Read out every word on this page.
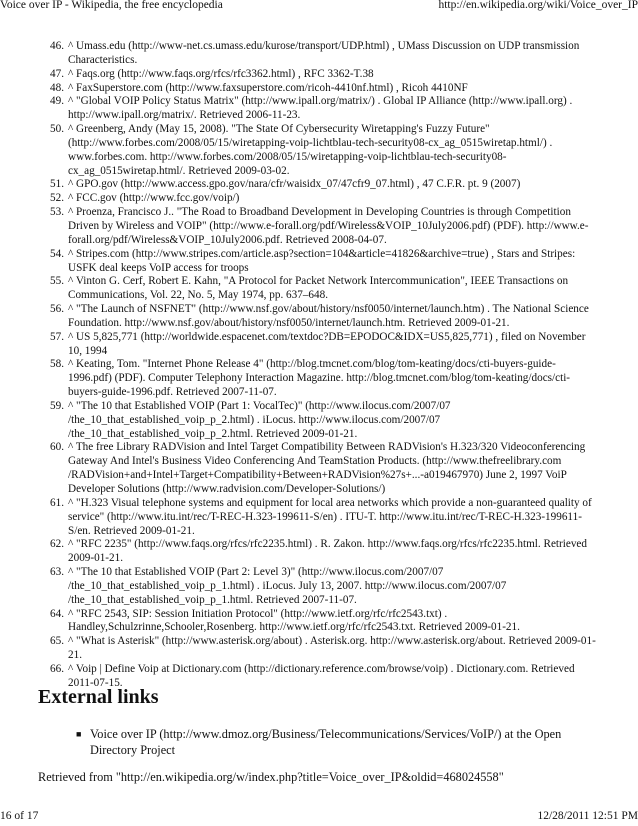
Voice over IP - Wikipedia, the free encyclopedia	http://en.wikipedia.org/wiki/Voice_over_IP
46. ^ Umass.edu (http://www-net.cs.umass.edu/kurose/transport/UDP.html) , UMass Discussion on UDP transmission Characteristics.
47. ^ Faqs.org (http://www.faqs.org/rfcs/rfc3362.html) , RFC 3362-T.38
48. ^ FaxSuperstore.com (http://www.faxsuperstore.com/ricoh-4410nf.html) , Ricoh 4410NF
49. ^ "Global VOIP Policy Status Matrix" (http://www.ipall.org/matrix/) . Global IP Alliance (http://www.ipall.org) . http://www.ipall.org/matrix/. Retrieved 2006-11-23.
50. ^ Greenberg, Andy (May 15, 2008). "The State Of Cybersecurity Wiretapping's Fuzzy Future" (http://www.forbes.com/2008/05/15/wiretapping-voip-lichtblau-tech-security08-cx_ag_0515wiretap.html/) . www.forbes.com. http://www.forbes.com/2008/05/15/wiretapping-voip-lichtblau-tech-security08-cx_ag_0515wiretap.html/. Retrieved 2009-03-02.
51. ^ GPO.gov (http://www.access.gpo.gov/nara/cfr/waisidx_07/47cfr9_07.html) , 47 C.F.R. pt. 9 (2007)
52. ^ FCC.gov (http://www.fcc.gov/voip/)
53. ^ Proenza, Francisco J.. "The Road to Broadband Development in Developing Countries is through Competition Driven by Wireless and VOIP" (http://www.e-forall.org/pdf/Wireless&VOIP_10July2006.pdf) (PDF). http://www.e-forall.org/pdf/Wireless&VOIP_10July2006.pdf. Retrieved 2008-04-07.
54. ^ Stripes.com (http://www.stripes.com/article.asp?section=104&article=41826&archive=true) , Stars and Stripes: USFK deal keeps VoIP access for troops
55. ^ Vinton G. Cerf, Robert E. Kahn, "A Protocol for Packet Network Intercommunication", IEEE Transactions on Communications, Vol. 22, No. 5, May 1974, pp. 637–648.
56. ^ "The Launch of NSFNET" (http://www.nsf.gov/about/history/nsf0050/internet/launch.htm) . The National Science Foundation. http://www.nsf.gov/about/history/nsf0050/internet/launch.htm. Retrieved 2009-01-21.
57. ^ US 5,825,771 (http://worldwide.espacenet.com/textdoc?DB=EPODOC&IDX=US5,825,771) , filed on November 10, 1994
58. ^ Keating, Tom. "Internet Phone Release 4" (http://blog.tmcnet.com/blog/tom-keating/docs/cti-buyers-guide-1996.pdf) (PDF). Computer Telephony Interaction Magazine. http://blog.tmcnet.com/blog/tom-keating/docs/cti-buyers-guide-1996.pdf. Retrieved 2007-11-07.
59. ^ "The 10 that Established VOIP (Part 1: VocalTec)" (http://www.ilocus.com/2007/07 /the_10_that_established_voip_p_2.html) . iLocus. http://www.ilocus.com/2007/07 /the_10_that_established_voip_p_2.html. Retrieved 2009-01-21.
60. ^ The free Library RADVision and Intel Target Compatibility Between RADVision's H.323/320 Videoconferencing Gateway And Intel's Business Video Conferencing And TeamStation Products. (http://www.thefreelibrary.com /RADVision+and+Intel+Target+Compatibility+Between+RADVision%27s+...-a019467970) June 2, 1997 VoiP Developer Solutions (http://www.radvision.com/Developer-Solutions/)
61. ^ "H.323 Visual telephone systems and equipment for local area networks which provide a non-guaranteed quality of service" (http://www.itu.int/rec/T-REC-H.323-199611-S/en) . ITU-T. http://www.itu.int/rec/T-REC-H.323-199611-S/en. Retrieved 2009-01-21.
62. ^ "RFC 2235" (http://www.faqs.org/rfcs/rfc2235.html) . R. Zakon. http://www.faqs.org/rfcs/rfc2235.html. Retrieved 2009-01-21.
63. ^ "The 10 that Established VOIP (Part 2: Level 3)" (http://www.ilocus.com/2007/07 /the_10_that_established_voip_p_1.html) . iLocus. July 13, 2007. http://www.ilocus.com/2007/07 /the_10_that_established_voip_p_1.html. Retrieved 2007-11-07.
64. ^ "RFC 2543, SIP: Session Initiation Protocol" (http://www.ietf.org/rfc/rfc2543.txt) . Handley,Schulzrinne,Schooler,Rosenberg. http://www.ietf.org/rfc/rfc2543.txt. Retrieved 2009-01-21.
65. ^ "What is Asterisk" (http://www.asterisk.org/about) . Asterisk.org. http://www.asterisk.org/about. Retrieved 2009-01-21.
66. ^ Voip | Define Voip at Dictionary.com (http://dictionary.reference.com/browse/voip) . Dictionary.com. Retrieved 2011-07-15.
External links
■ Voice over IP (http://www.dmoz.org/Business/Telecommunications/Services/VoIP/) at the Open Directory Project
Retrieved from "http://en.wikipedia.org/w/index.php?title=Voice_over_IP&oldid=468024558"
16 of 17	12/28/2011 12:51 PM
